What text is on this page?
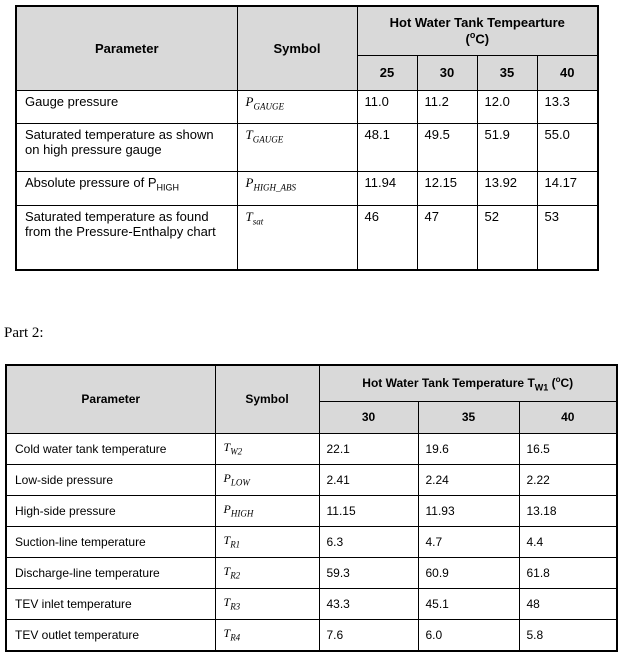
Parameter	Symbol	Hot Water Tank Tempearture
($^o$C)			
		25	30	35	40
Gauge pressure	$P_{GAUGE}$	11.0	11.2	12.0	13.3
Saturated temperature as shown on high pressure gauge	$T_{GAUGE}$	48.1	49.5	51.9	55.0
Absolute pressure of $P_{HIGH}$	$P_{HIGH\_ABS}$	11.94	12.15	13.92	14.17
Saturated temperature as found from the Pressure-Enthalpy chart	$T_{sat}$	46	47	52	53
Part 2:
Parameter	Symbol	Hot Water Tank Temperature $T_{W1}$ ($^o$C)		
		30	35	40
Cold water tank temperature	$T_{W2}$	22.1	19.6	16.5
Low-side pressure	$P_{LOW}$	2.41	2.24	2.22
High-side pressure	$P_{HIGH}$	11.15	11.93	13.18
Suction-line temperature	$T_{R1}$	6.3	4.7	4.4
Discharge-line temperature	$T_{R2}$	59.3	60.9	61.8
TEV inlet temperature	$T_{R3}$	43.3	45.1	48
TEV outlet temperature	$T_{R4}$	7.6	6.0	5.8
